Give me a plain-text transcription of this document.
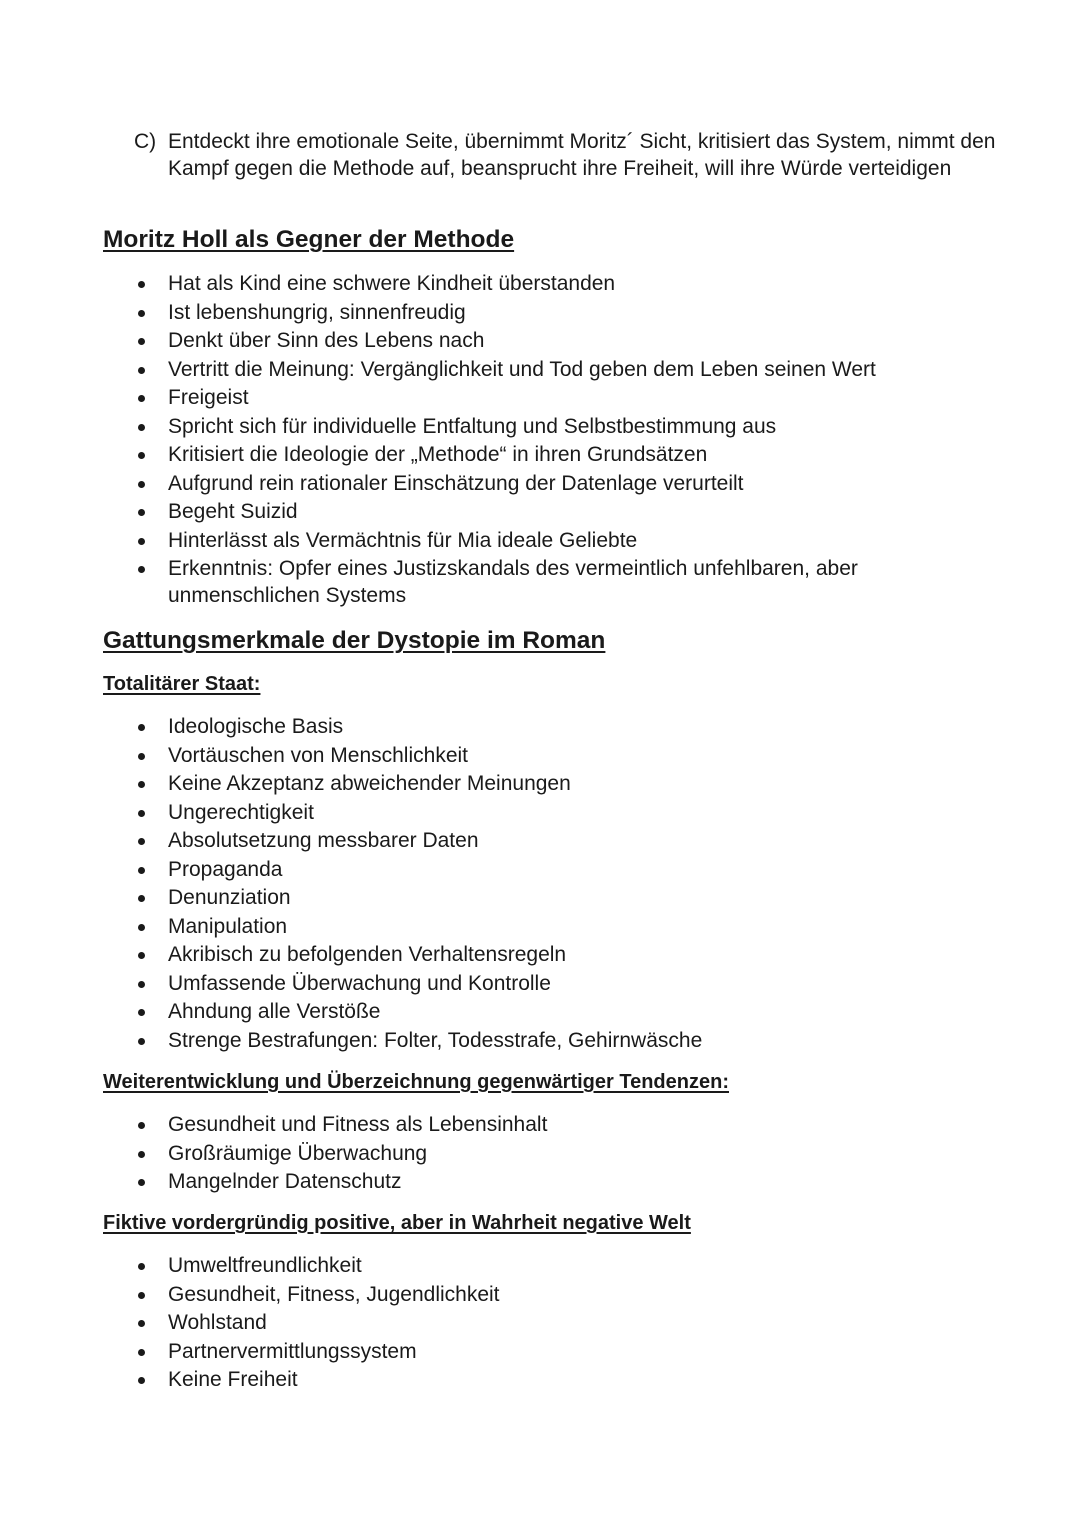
C) Entdeckt ihre emotionale Seite, übernimmt Moritz´ Sicht, kritisiert das System, nimmt den Kampf gegen die Methode auf, beansprucht ihre Freiheit, will ihre Würde verteidigen
Moritz Holl als Gegner der Methode
Hat als Kind eine schwere Kindheit überstanden
Ist lebenshungrig, sinnenfreudig
Denkt über Sinn des Lebens nach
Vertritt die Meinung: Vergänglichkeit und Tod geben dem Leben seinen Wert
Freigeist
Spricht sich für individuelle Entfaltung und Selbstbestimmung aus
Kritisiert die Ideologie der „Methode“ in ihren Grundsätzen
Aufgrund rein rationaler Einschätzung der Datenlage verurteilt
Begeht Suizid
Hinterlässt als Vermächtnis für Mia ideale Geliebte
Erkenntnis: Opfer eines Justizskandals des vermeintlich unfehlbaren, aber unmenschlichen Systems
Gattungsmerkmale der Dystopie im Roman
Totalitärer Staat:
Ideologische Basis
Vortäuschen von Menschlichkeit
Keine Akzeptanz abweichender Meinungen
Ungerechtigkeit
Absolutsetzung messbarer Daten
Propaganda
Denunziation
Manipulation
Akribisch zu befolgenden Verhaltensregeln
Umfassende Überwachung und Kontrolle
Ahndung alle Verstöße
Strenge Bestrafungen: Folter, Todesstrafe, Gehirnwäsche
Weiterentwicklung und Überzeichnung gegenwärtiger Tendenzen:
Gesundheit und Fitness als Lebensinhalt
Großräumige Überwachung
Mangelnder Datenschutz
Fiktive vordergründig positive, aber in Wahrheit negative Welt
Umweltfreundlichkeit
Gesundheit, Fitness, Jugendlichkeit
Wohlstand
Partnervermittlungssystem
Keine Freiheit
